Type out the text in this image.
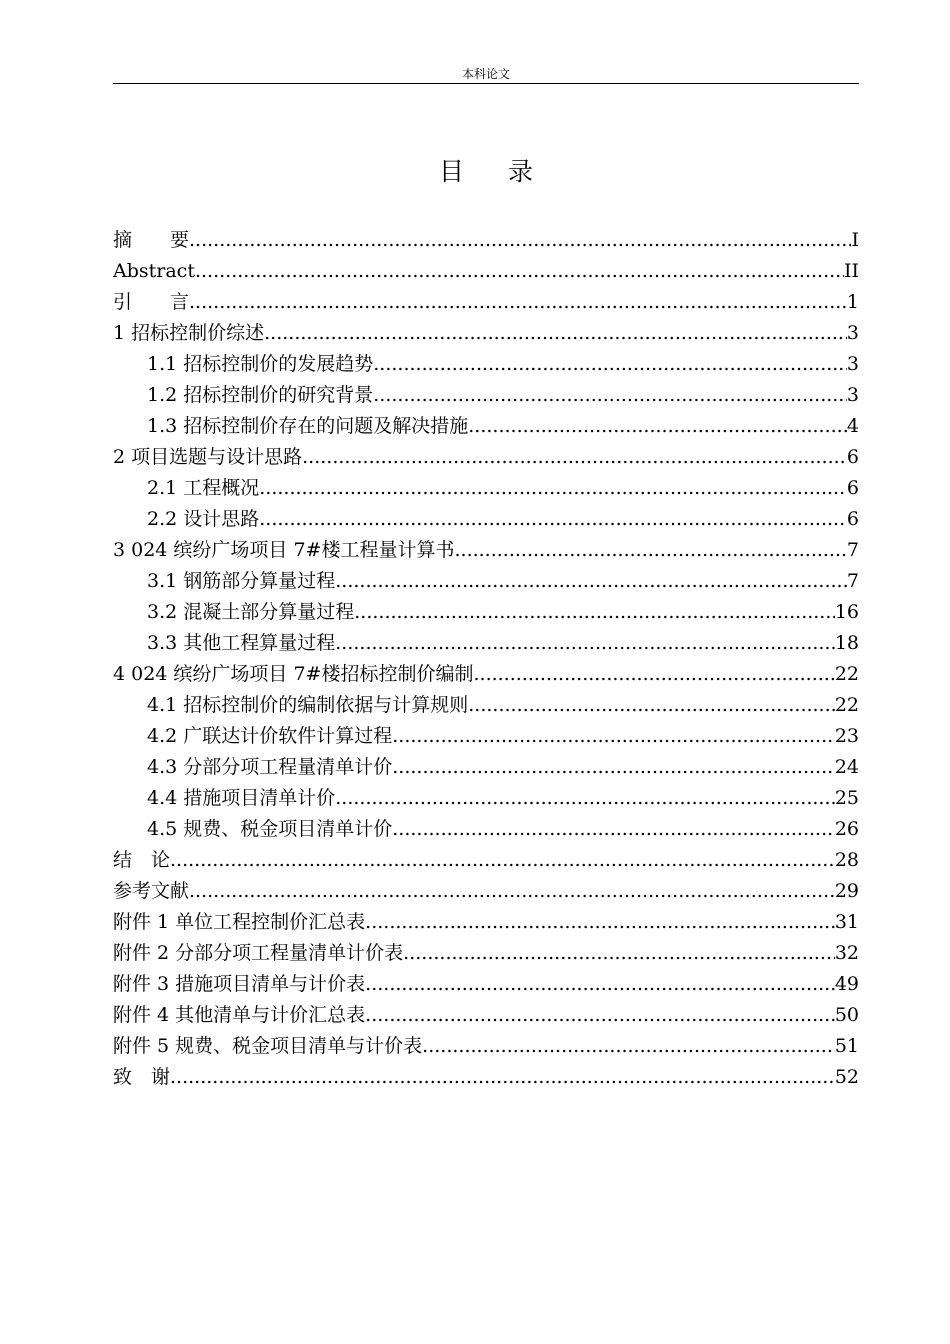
本科论文
目 录
摘　　要 .....	I
Abstract .....	II
引　　言 .....	1
1 招标控制价综述 .....	3
1.1 招标控制价的发展趋势 .....	3
1.2 招标控制价的研究背景 .....	3
1.3 招标控制价存在的问题及解决措施 .....	4
2 项目选题与设计思路 .....	6
2.1 工程概况 .....	6
2.2 设计思路 .....	6
3 024 缤纷广场项目 7#楼工程量计算书 .....	7
3.1 钢筋部分算量过程 .....	7
3.2 混凝土部分算量过程 .....	16
3.3 其他工程算量过程 .....	18
4 024 缤纷广场项目 7#楼招标控制价编制 .....	22
4.1 招标控制价的编制依据与计算规则 .....	22
4.2 广联达计价软件计算过程 .....	23
4.3 分部分项工程量清单计价 .....	24
4.4 措施项目清单计价 .....	25
4.5 规费、税金项目清单计价 .....	26
结　论 .....	28
参考文献 .....	29
附件 1 单位工程控制价汇总表 .....	31
附件 2 分部分项工程量清单计价表 .....	32
附件 3 措施项目清单与计价表 .....	49
附件 4 其他清单与计价汇总表 .....	50
附件 5 规费、税金项目清单与计价表 .....	51
致　谢 .....	52
